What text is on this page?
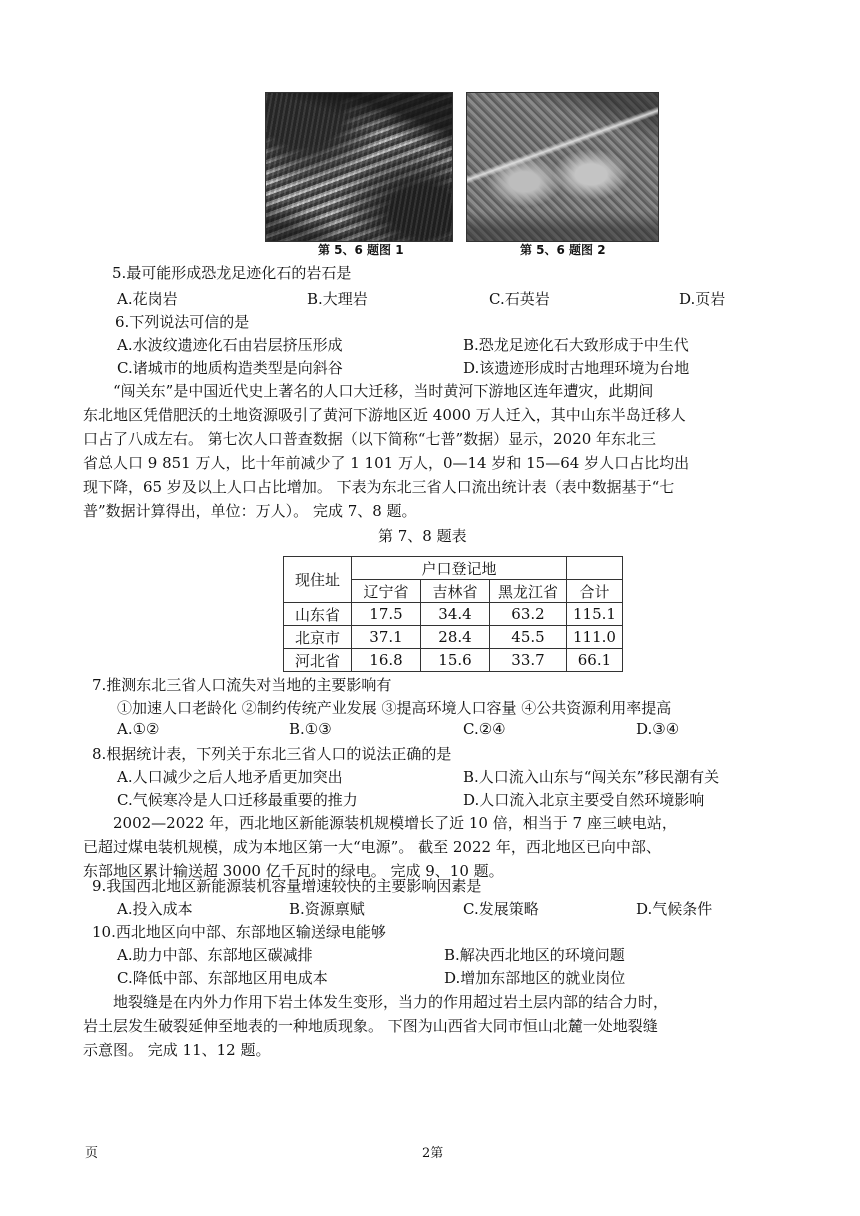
第 5、6 题图 1	第 5、6 题图 2
5.最可能形成恐龙足迹化石的岩石是
A.花岗岩	B.大理岩	C.石英岩	D.页岩
6.下列说法可信的是
A.水波纹遗迹化石由岩层挤压形成	B.恐龙足迹化石大致形成于中生代
C.诸城市的地质构造类型是向斜谷	D.该遗迹形成时古地理环境为台地
“闯关东”是中国近代史上著名的人口大迁移，当时黄河下游地区连年遭灾，此期间
东北地区凭借肥沃的土地资源吸引了黄河下游地区近 4000 万人迁入，其中山东半岛迁移人
口占了八成左右。 第七次人口普查数据（以下简称“七普”数据）显示，2020 年东北三
省总人口 9 851 万人，比十年前减少了 1 101 万人，0—14 岁和 15—64 岁人口占比均出
现下降，65 岁及以上人口占比增加。 下表为东北三省人口流出统计表（表中数据基于“七
普”数据计算得出，单位：万人）。 完成 7、8 题。
第 7、8 题表
现住址	户口登记地			
	辽宁省	吉林省	黑龙江省	合计
山东省	17.5	34.4	63.2	115.1
北京市	37.1	28.4	45.5	111.0
河北省	16.8	15.6	33.7	66.1
7.推测东北三省人口流失对当地的主要影响有
①加速人口老龄化 ②制约传统产业发展 ③提高环境人口容量 ④公共资源利用率提高
A.①②	B.①③	C.②④	D.③④
8.根据统计表，下列关于东北三省人口的说法正确的是
A.人口减少之后人地矛盾更加突出	B.人口流入山东与“闯关东”移民潮有关
C.气候寒冷是人口迁移最重要的推力	D.人口流入北京主要受自然环境影响
2002—2022 年，西北地区新能源装机规模增长了近 10 倍，相当于 7 座三峡电站，
已超过煤电装机规模，成为本地区第一大“电源”。 截至 2022 年，西北地区已向中部、
东部地区累计输送超 3000 亿千瓦时的绿电。 完成 9、10 题。
9.我国西北地区新能源装机容量增速较快的主要影响因素是
A.投入成本	B.资源禀赋	C.发展策略	D.气候条件
10.西北地区向中部、东部地区输送绿电能够
A.助力中部、东部地区碳减排	B.解决西北地区的环境问题
C.降低中部、东部地区用电成本	D.增加东部地区的就业岗位
地裂缝是在内外力作用下岩土体发生变形，当力的作用超过岩土层内部的结合力时，
岩土层发生破裂延伸至地表的一种地质现象。 下图为山西省大同市恒山北麓一处地裂缝
示意图。 完成 11、12 题。
页	2第
